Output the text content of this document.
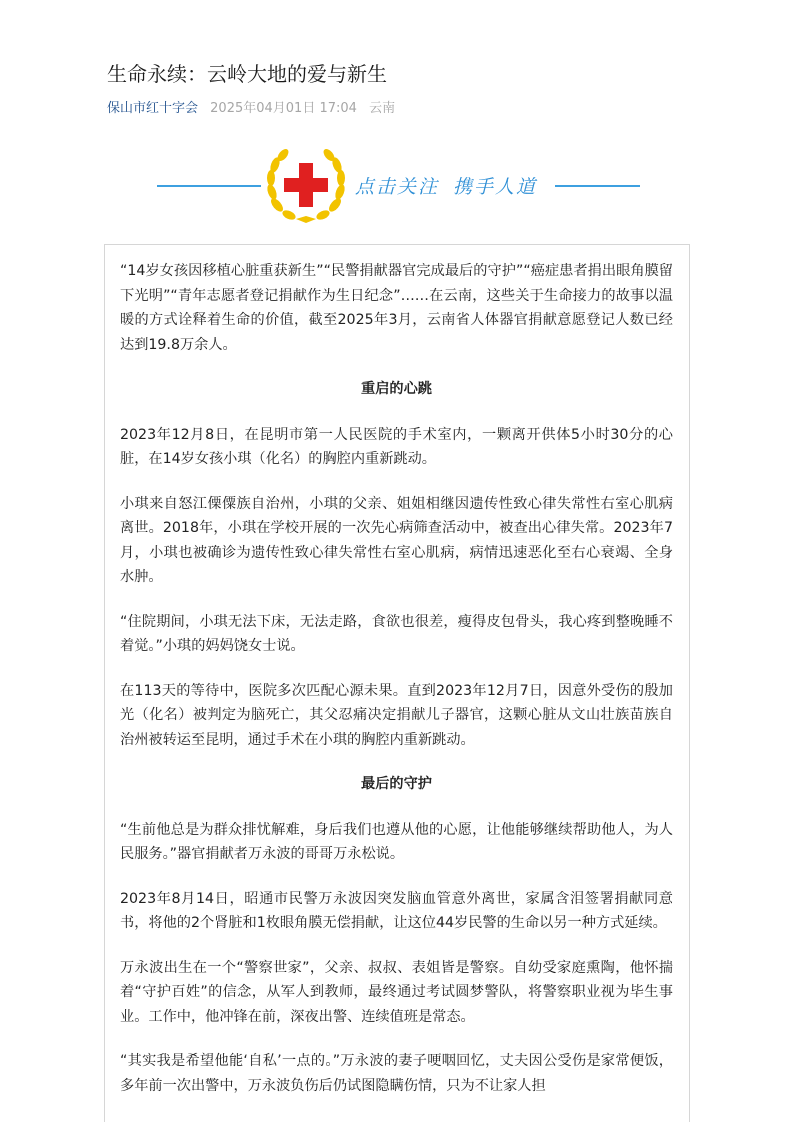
生命永续：云岭大地的爱与新生
保山市红十字会 2025年04月01日 17:04 云南
点击关注 携手人道

“14岁女孩因移植心脏重获新生”“民警捐献器官完成最后的守护”“癌症患者捐出眼角膜留下光明”“青年志愿者登记捐献作为生日纪念”……在云南，这些关于生命接力的故事以温暖的方式诠释着生命的价值，截至2025年3月，云南省人体器官捐献意愿登记人数已经达到19.8万余人。

重启的心跳

2023年12月8日，在昆明市第一人民医院的手术室内，一颗离开供体5小时30分的心脏，在14岁女孩小琪（化名）的胸腔内重新跳动。

小琪来自怒江傈僳族自治州，小琪的父亲、姐姐相继因遗传性致心律失常性右室心肌病离世。2018年，小琪在学校开展的一次先心病筛查活动中，被查出心律失常。2023年7月，小琪也被确诊为遗传性致心律失常性右室心肌病，病情迅速恶化至右心衰竭、全身水肿。

“住院期间，小琪无法下床，无法走路，食欲也很差，瘦得皮包骨头，我心疼到整晚睡不着觉。”小琪的妈妈饶女士说。

在113天的等待中，医院多次匹配心源未果。直到2023年12月7日，因意外受伤的殷加光（化名）被判定为脑死亡，其父忍痛决定捐献儿子器官，这颗心脏从文山壮族苗族自治州被转运至昆明，通过手术在小琪的胸腔内重新跳动。

最后的守护

“生前他总是为群众排忧解难，身后我们也遵从他的心愿，让他能够继续帮助他人，为人民服务。”器官捐献者万永波的哥哥万永松说。

2023年8月14日，昭通市民警万永波因突发脑血管意外离世，家属含泪签署捐献同意书，将他的2个肾脏和1枚眼角膜无偿捐献，让这位44岁民警的生命以另一种方式延续。

万永波出生在一个“警察世家”，父亲、叔叔、表姐皆是警察。自幼受家庭熏陶，他怀揣着“守护百姓”的信念，从军人到教师，最终通过考试圆梦警队，将警察职业视为毕生事业。工作中，他冲锋在前，深夜出警、连续值班是常态。

“其实我是希望他能‘自私’一点的。”万永波的妻子哽咽回忆，丈夫因公受伤是家常便饭，多年前一次出警中，万永波负伤后仍试图隐瞒伤情，只为不让家人担
